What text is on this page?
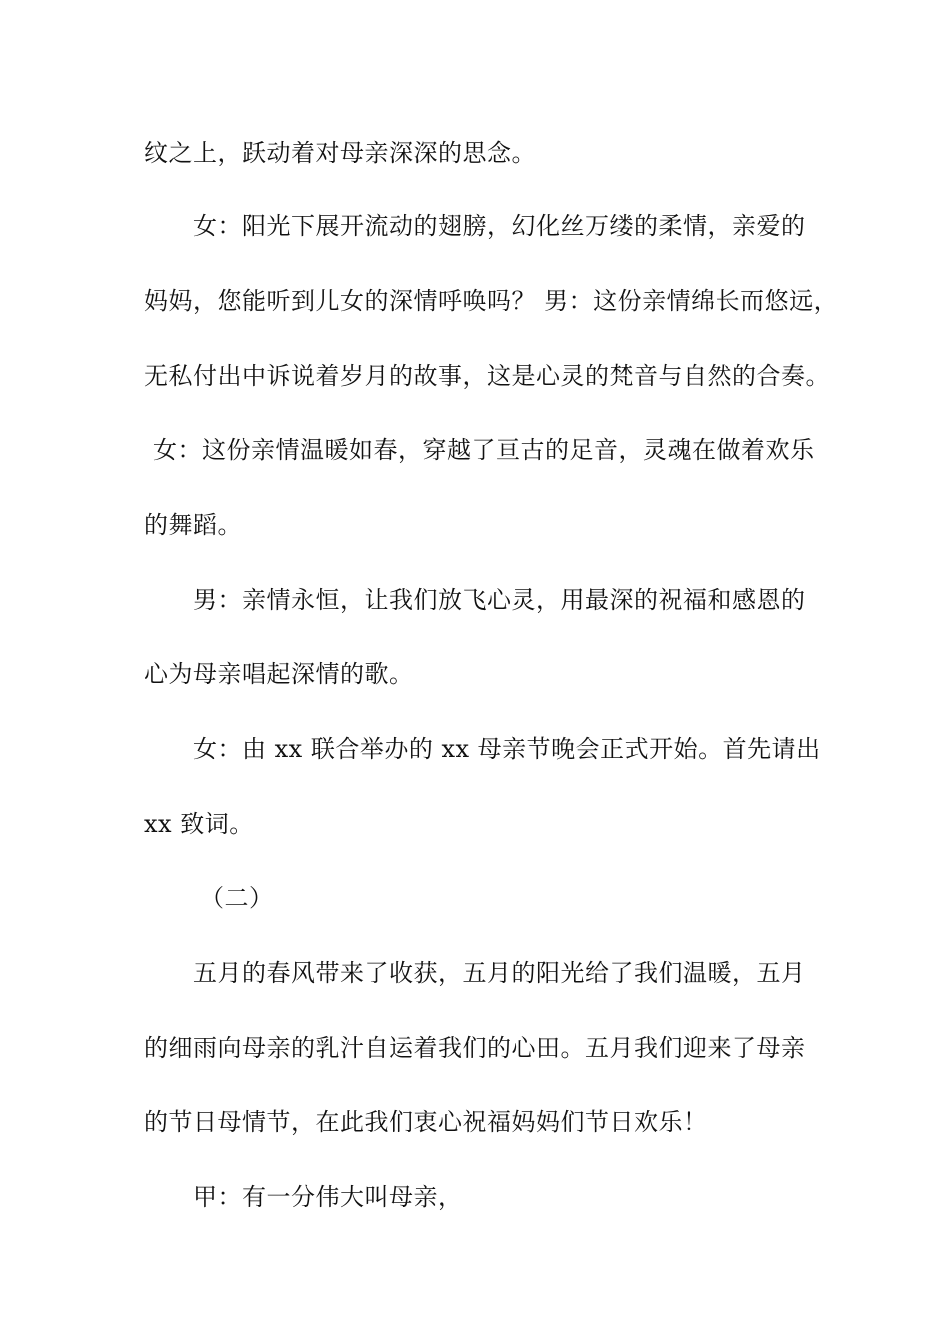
纹之上，跃动着对母亲深深的思念。
女：阳光下展开流动的翅膀，幻化丝万缕的柔情，亲爱的
妈妈，您能听到儿女的深情呼唤吗？ 男：这份亲情绵长而悠远，
无私付出中诉说着岁月的故事，这是心灵的梵音与自然的合奏。
女：这份亲情温暖如春，穿越了亘古的足音，灵魂在做着欢乐
的舞蹈。
男：亲情永恒，让我们放飞心灵，用最深的祝福和感恩的
心为母亲唱起深情的歌。
女：由 xx 联合举办的 xx 母亲节晚会正式开始。首先请出
xx 致词。
（二）
五月的春风带来了收获，五月的阳光给了我们温暖，五月
的细雨向母亲的乳汁自运着我们的心田。五月我们迎来了母亲
的节日母情节，在此我们衷心祝福妈妈们节日欢乐！
甲：有一分伟大叫母亲，
